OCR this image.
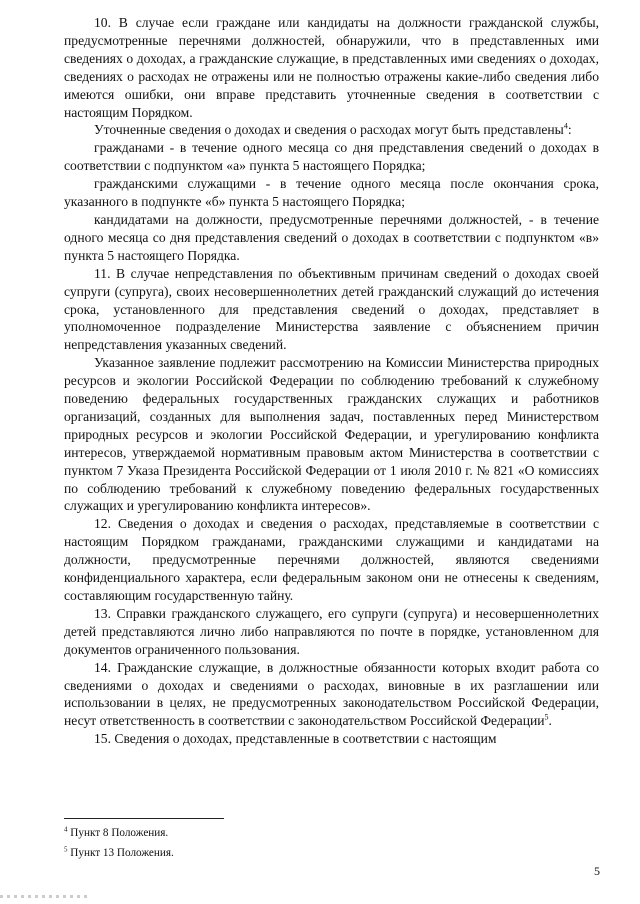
10. В случае если граждане или кандидаты на должности гражданской службы, предусмотренные перечнями должностей, обнаружили, что в представленных ими сведениях о доходах, а гражданские служащие, в представленных ими сведениях о доходах, сведениях о расходах не отражены или не полностью отражены какие-либо сведения либо имеются ошибки, они вправе представить уточненные сведения в соответствии с настоящим Порядком.

Уточненные сведения о доходах и сведения о расходах могут быть представлены$^4$:

гражданами - в течение одного месяца со дня представления сведений о доходах в соответствии с подпунктом «а» пункта 5 настоящего Порядка;

гражданскими служащими - в течение одного месяца после окончания срока, указанного в подпункте «б» пункта 5 настоящего Порядка;

кандидатами на должности, предусмотренные перечнями должностей, - в течение одного месяца со дня представления сведений о доходах в соответствии с подпунктом «в» пункта 5 настоящего Порядка.

11. В случае непредставления по объективным причинам сведений о доходах своей супруги (супруга), своих несовершеннолетних детей гражданский служащий до истечения срока, установленного для представления сведений о доходах, представляет в уполномоченное подразделение Министерства заявление с объяснением причин непредставления указанных сведений.

Указанное заявление подлежит рассмотрению на Комиссии Министерства природных ресурсов и экологии Российской Федерации по соблюдению требований к служебному поведению федеральных государственных гражданских служащих и работников организаций, созданных для выполнения задач, поставленных перед Министерством природных ресурсов и экологии Российской Федерации, и урегулированию конфликта интересов, утверждаемой нормативным правовым актом Министерства в соответствии с пунктом 7 Указа Президента Российской Федерации от 1 июля 2010 г. № 821 «О комиссиях по соблюдению требований к служебному поведению федеральных государственных служащих и урегулированию конфликта интересов».

12. Сведения о доходах и сведения о расходах, представляемые в соответствии с настоящим Порядком гражданами, гражданскими служащими и кандидатами на должности, предусмотренные перечнями должностей, являются сведениями конфиденциального характера, если федеральным законом они не отнесены к сведениям, составляющим государственную тайну.

13. Справки гражданского служащего, его супруги (супруга) и несовершеннолетних детей представляются лично либо направляются по почте в порядке, установленном для документов ограниченного пользования.

14. Гражданские служащие, в должностные обязанности которых входит работа со сведениями о доходах и сведениями о расходах, виновные в их разглашении или использовании в целях, не предусмотренных законодательством Российской Федерации, несут ответственность в соответствии с законодательством Российской Федерации$^5$.

15. Сведения о доходах, представленные в соответствии с настоящим

$^4$ Пункт 8 Положения.
$^5$ Пункт 13 Положения.
5
